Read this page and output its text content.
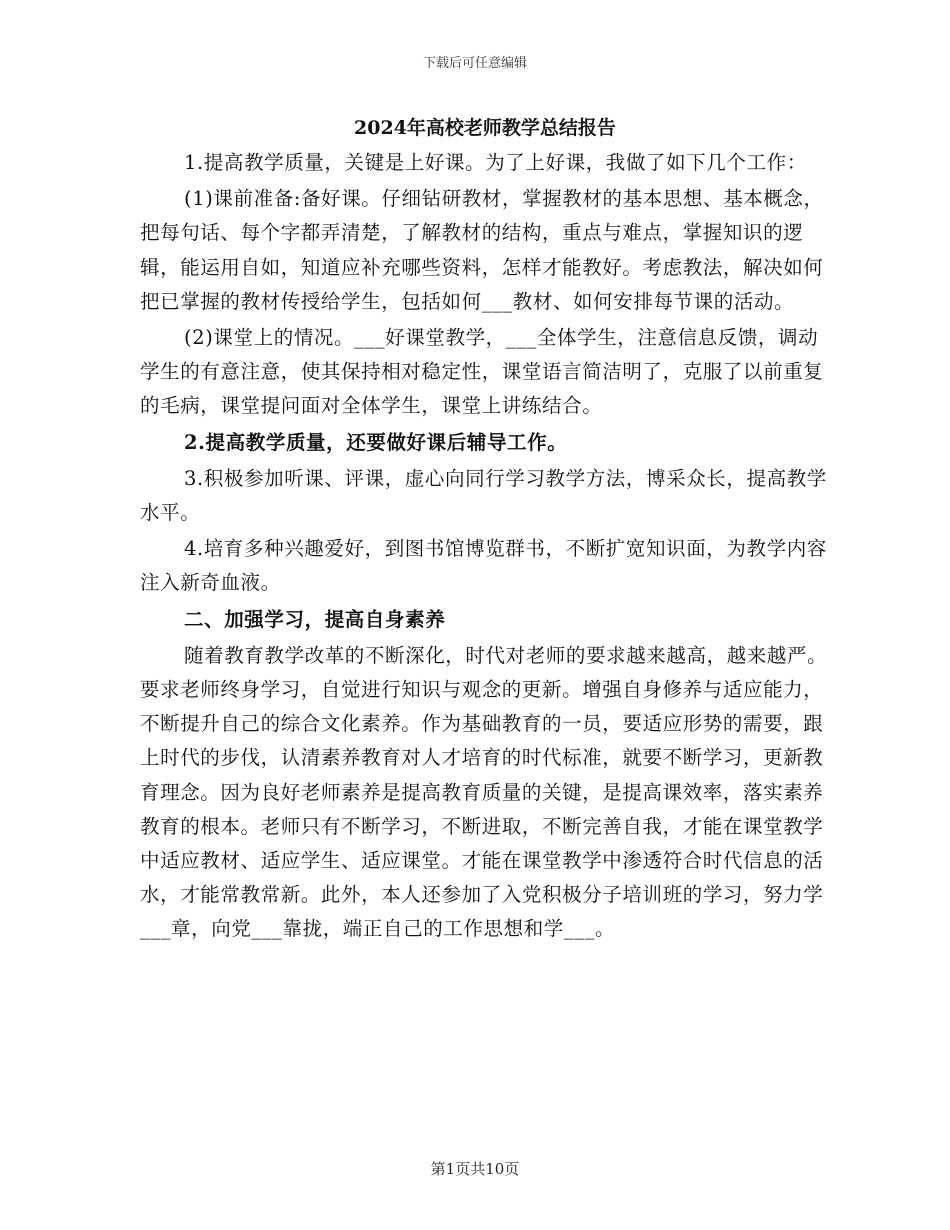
下载后可任意编辑
2024年高校老师教学总结报告

1.提高教学质量，关键是上好课。为了上好课，我做了如下几个工作：

(1)课前准备:备好课。仔细钻研教材，掌握教材的基本思想、基本概念，把每句话、每个字都弄清楚，了解教材的结构，重点与难点，掌握知识的逻辑，能运用自如，知道应补充哪些资料，怎样才能教好。考虑教法，解决如何把已掌握的教材传授给学生，包括如何___教材、如何安排每节课的活动。

(2)课堂上的情况。___好课堂教学，___全体学生，注意信息反馈，调动学生的有意注意，使其保持相对稳定性，课堂语言简洁明了，克服了以前重复的毛病，课堂提问面对全体学生，课堂上讲练结合。

2.提高教学质量，还要做好课后辅导工作。

3.积极参加听课、评课，虚心向同行学习教学方法，博采众长，提高教学水平。

4.培育多种兴趣爱好，到图书馆博览群书，不断扩宽知识面，为教学内容注入新奇血液。

二、加强学习，提高自身素养

随着教育教学改革的不断深化，时代对老师的要求越来越高，越来越严。要求老师终身学习，自觉进行知识与观念的更新。增强自身修养与适应能力，不断提升自己的综合文化素养。作为基础教育的一员，要适应形势的需要，跟上时代的步伐，认清素养教育对人才培育的时代标准，就要不断学习，更新教育理念。因为良好老师素养是提高教育质量的关键，是提高课效率，落实素养教育的根本。老师只有不断学习，不断进取，不断完善自我，才能在课堂教学中适应教材、适应学生、适应课堂。才能在课堂教学中渗透符合时代信息的活水，才能常教常新。此外，本人还参加了入党积极分子培训班的学习，努力学___章，向党___靠拢，端正自己的工作思想和学___。

第1页共10页
